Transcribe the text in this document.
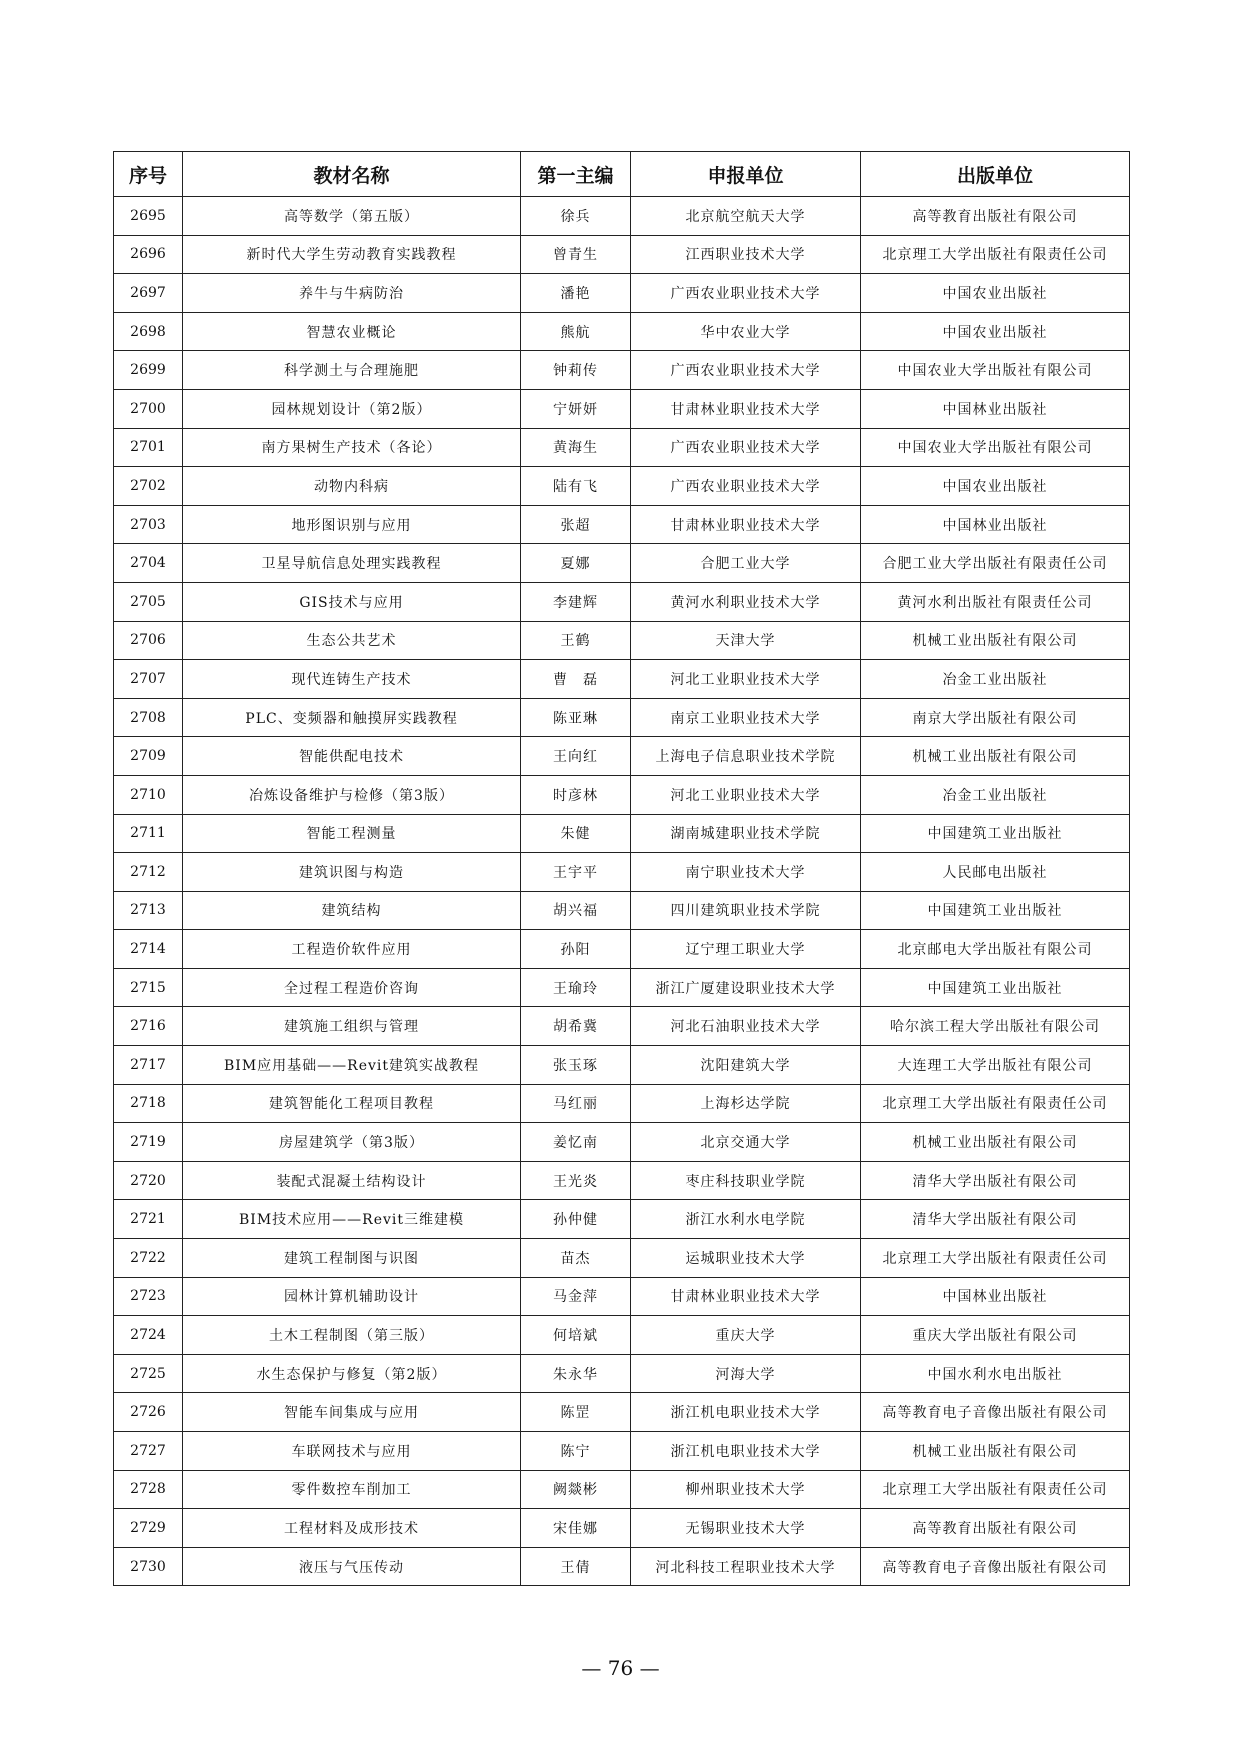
序号	教材名称	第一主编	申报单位	出版单位
2695	高等数学（第五版）	徐兵	北京航空航天大学	高等教育出版社有限公司
2696	新时代大学生劳动教育实践教程	曾青生	江西职业技术大学	北京理工大学出版社有限责任公司
2697	养牛与牛病防治	潘艳	广西农业职业技术大学	中国农业出版社
2698	智慧农业概论	熊航	华中农业大学	中国农业出版社
2699	科学测土与合理施肥	钟莉传	广西农业职业技术大学	中国农业大学出版社有限公司
2700	园林规划设计（第2版）	宁妍妍	甘肃林业职业技术大学	中国林业出版社
2701	南方果树生产技术（各论）	黄海生	广西农业职业技术大学	中国农业大学出版社有限公司
2702	动物内科病	陆有飞	广西农业职业技术大学	中国农业出版社
2703	地形图识别与应用	张超	甘肃林业职业技术大学	中国林业出版社
2704	卫星导航信息处理实践教程	夏娜	合肥工业大学	合肥工业大学出版社有限责任公司
2705	GIS技术与应用	李建辉	黄河水利职业技术大学	黄河水利出版社有限责任公司
2706	生态公共艺术	王鹤	天津大学	机械工业出版社有限公司
2707	现代连铸生产技术	曹　磊	河北工业职业技术大学	冶金工业出版社
2708	PLC、变频器和触摸屏实践教程	陈亚琳	南京工业职业技术大学	南京大学出版社有限公司
2709	智能供配电技术	王向红	上海电子信息职业技术学院	机械工业出版社有限公司
2710	冶炼设备维护与检修（第3版）	时彦林	河北工业职业技术大学	冶金工业出版社
2711	智能工程测量	朱健	湖南城建职业技术学院	中国建筑工业出版社
2712	建筑识图与构造	王宇平	南宁职业技术大学	人民邮电出版社
2713	建筑结构	胡兴福	四川建筑职业技术学院	中国建筑工业出版社
2714	工程造价软件应用	孙阳	辽宁理工职业大学	北京邮电大学出版社有限公司
2715	全过程工程造价咨询	王瑜玲	浙江广厦建设职业技术大学	中国建筑工业出版社
2716	建筑施工组织与管理	胡希冀	河北石油职业技术大学	哈尔滨工程大学出版社有限公司
2717	BIM应用基础——Revit建筑实战教程	张玉琢	沈阳建筑大学	大连理工大学出版社有限公司
2718	建筑智能化工程项目教程	马红丽	上海杉达学院	北京理工大学出版社有限责任公司
2719	房屋建筑学（第3版）	姜忆南	北京交通大学	机械工业出版社有限公司
2720	装配式混凝土结构设计	王光炎	枣庄科技职业学院	清华大学出版社有限公司
2721	BIM技术应用——Revit三维建模	孙仲健	浙江水利水电学院	清华大学出版社有限公司
2722	建筑工程制图与识图	苗杰	运城职业技术大学	北京理工大学出版社有限责任公司
2723	园林计算机辅助设计	马金萍	甘肃林业职业技术大学	中国林业出版社
2724	土木工程制图（第三版）	何培斌	重庆大学	重庆大学出版社有限公司
2725	水生态保护与修复（第2版）	朱永华	河海大学	中国水利水电出版社
2726	智能车间集成与应用	陈罡	浙江机电职业技术大学	高等教育电子音像出版社有限公司
2727	车联网技术与应用	陈宁	浙江机电职业技术大学	机械工业出版社有限公司
2728	零件数控车削加工	阙燚彬	柳州职业技术大学	北京理工大学出版社有限责任公司
2729	工程材料及成形技术	宋佳娜	无锡职业技术大学	高等教育出版社有限公司
2730	液压与气压传动	王倩	河北科技工程职业技术大学	高等教育电子音像出版社有限公司
— 76 —
